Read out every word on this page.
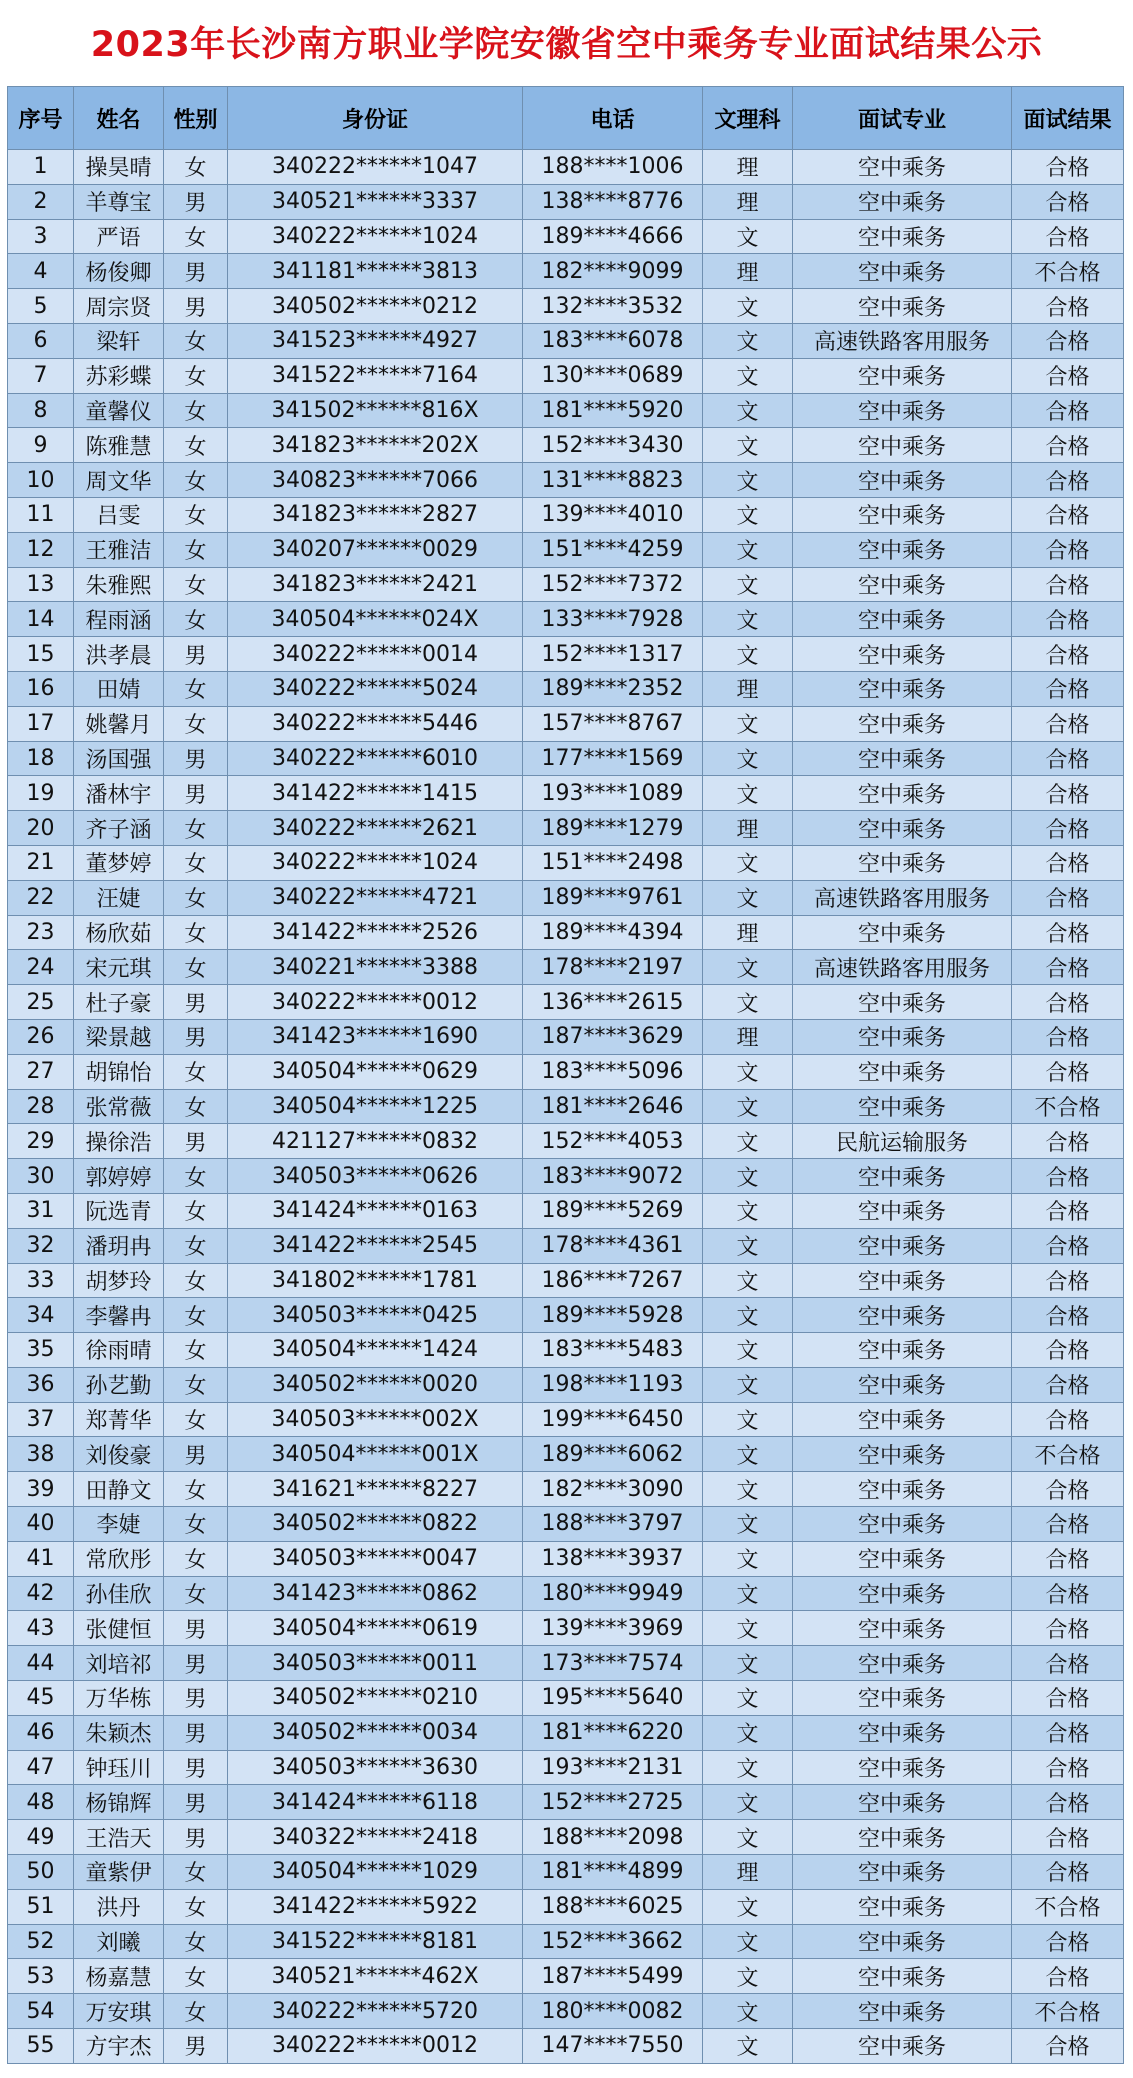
2023年长沙南方职业学院安徽省空中乘务专业面试结果公示
序号	姓名	性别	身份证	电话	文理科	面试专业	面试结果
1	操昊晴	女	340222******1047	188****1006	理	空中乘务	合格
2	羊尊宝	男	340521******3337	138****8776	理	空中乘务	合格
3	严语	女	340222******1024	189****4666	文	空中乘务	合格
4	杨俊卿	男	341181******3813	182****9099	理	空中乘务	不合格
5	周宗贤	男	340502******0212	132****3532	文	空中乘务	合格
6	梁轩	女	341523******4927	183****6078	文	高速铁路客用服务	合格
7	苏彩蝶	女	341522******7164	130****0689	文	空中乘务	合格
8	童馨仪	女	341502******816X	181****5920	文	空中乘务	合格
9	陈雅慧	女	341823******202X	152****3430	文	空中乘务	合格
10	周文华	女	340823******7066	131****8823	文	空中乘务	合格
11	吕雯	女	341823******2827	139****4010	文	空中乘务	合格
12	王雅洁	女	340207******0029	151****4259	文	空中乘务	合格
13	朱雅熙	女	341823******2421	152****7372	文	空中乘务	合格
14	程雨涵	女	340504******024X	133****7928	文	空中乘务	合格
15	洪孝晨	男	340222******0014	152****1317	文	空中乘务	合格
16	田婧	女	340222******5024	189****2352	理	空中乘务	合格
17	姚馨月	女	340222******5446	157****8767	文	空中乘务	合格
18	汤国强	男	340222******6010	177****1569	文	空中乘务	合格
19	潘林宇	男	341422******1415	193****1089	文	空中乘务	合格
20	齐子涵	女	340222******2621	189****1279	理	空中乘务	合格
21	董梦婷	女	340222******1024	151****2498	文	空中乘务	合格
22	汪婕	女	340222******4721	189****9761	文	高速铁路客用服务	合格
23	杨欣茹	女	341422******2526	189****4394	理	空中乘务	合格
24	宋元琪	女	340221******3388	178****2197	文	高速铁路客用服务	合格
25	杜子豪	男	340222******0012	136****2615	文	空中乘务	合格
26	梁景越	男	341423******1690	187****3629	理	空中乘务	合格
27	胡锦怡	女	340504******0629	183****5096	文	空中乘务	合格
28	张常薇	女	340504******1225	181****2646	文	空中乘务	不合格
29	操徐浩	男	421127******0832	152****4053	文	民航运输服务	合格
30	郭婷婷	女	340503******0626	183****9072	文	空中乘务	合格
31	阮选青	女	341424******0163	189****5269	文	空中乘务	合格
32	潘玥冉	女	341422******2545	178****4361	文	空中乘务	合格
33	胡梦玲	女	341802******1781	186****7267	文	空中乘务	合格
34	李馨冉	女	340503******0425	189****5928	文	空中乘务	合格
35	徐雨晴	女	340504******1424	183****5483	文	空中乘务	合格
36	孙艺勤	女	340502******0020	198****1193	文	空中乘务	合格
37	郑菁华	女	340503******002X	199****6450	文	空中乘务	合格
38	刘俊豪	男	340504******001X	189****6062	文	空中乘务	不合格
39	田静文	女	341621******8227	182****3090	文	空中乘务	合格
40	李婕	女	340502******0822	188****3797	文	空中乘务	合格
41	常欣彤	女	340503******0047	138****3937	文	空中乘务	合格
42	孙佳欣	女	341423******0862	180****9949	文	空中乘务	合格
43	张健恒	男	340504******0619	139****3969	文	空中乘务	合格
44	刘培祁	男	340503******0011	173****7574	文	空中乘务	合格
45	万华栋	男	340502******0210	195****5640	文	空中乘务	合格
46	朱颖杰	男	340502******0034	181****6220	文	空中乘务	合格
47	钟珏川	男	340503******3630	193****2131	文	空中乘务	合格
48	杨锦辉	男	341424******6118	152****2725	文	空中乘务	合格
49	王浩天	男	340322******2418	188****2098	文	空中乘务	合格
50	童紫伊	女	340504******1029	181****4899	理	空中乘务	合格
51	洪丹	女	341422******5922	188****6025	文	空中乘务	不合格
52	刘曦	女	341522******8181	152****3662	文	空中乘务	合格
53	杨嘉慧	女	340521******462X	187****5499	文	空中乘务	合格
54	万安琪	女	340222******5720	180****0082	文	空中乘务	不合格
55	方宇杰	男	340222******0012	147****7550	文	空中乘务	合格
